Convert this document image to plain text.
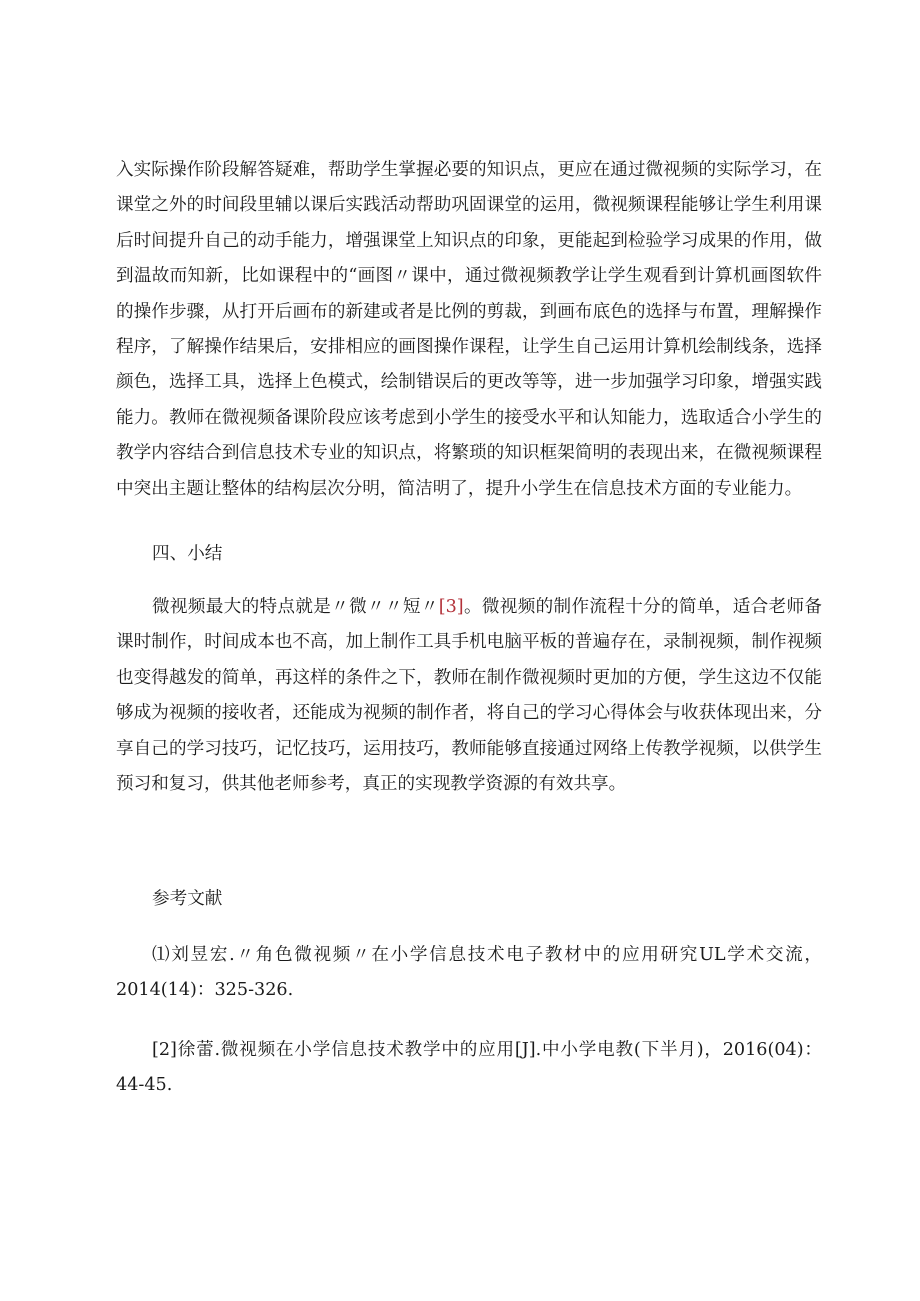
入实际操作阶段解答疑难，帮助学生掌握必要的知识点，更应在通过微视频的实际学习，在课堂之外的时间段里辅以课后实践活动帮助巩固课堂的运用，微视频课程能够让学生利用课后时间提升自己的动手能力，增强课堂上知识点的印象，更能起到检验学习成果的作用，做到温故而知新，比如课程中的“画图〃课中，通过微视频教学让学生观看到计算机画图软件的操作步骤，从打开后画布的新建或者是比例的剪裁，到画布底色的选择与布置，理解操作程序，了解操作结果后，安排相应的画图操作课程，让学生自己运用计算机绘制线条，选择颜色，选择工具，选择上色模式，绘制错误后的更改等等，进一步加强学习印象，增强实践能力。教师在微视频备课阶段应该考虑到小学生的接受水平和认知能力，选取适合小学生的教学内容结合到信息技术专业的知识点，将繁琐的知识框架简明的表现出来，在微视频课程中突出主题让整体的结构层次分明，简洁明了，提升小学生在信息技术方面的专业能力。

四、小结

微视频最大的特点就是〃微〃〃短〃[3]。微视频的制作流程十分的简单，适合老师备课时制作，时间成本也不高，加上制作工具手机电脑平板的普遍存在，录制视频，制作视频也变得越发的简单，再这样的条件之下，教师在制作微视频时更加的方便，学生这边不仅能够成为视频的接收者，还能成为视频的制作者，将自己的学习心得体会与收获体现出来，分享自己的学习技巧，记忆技巧，运用技巧，教师能够直接通过网络上传教学视频，以供学生预习和复习，供其他老师参考，真正的实现教学资源的有效共享。

参考文献

⑴刘昱宏.〃角色微视频〃在小学信息技术电子教材中的应用研究UL学术交流，2014(14)：325-326.

[2]徐蕾.微视频在小学信息技术教学中的应用[J].中小学电教(下半月)，2016(04)：44-45.
